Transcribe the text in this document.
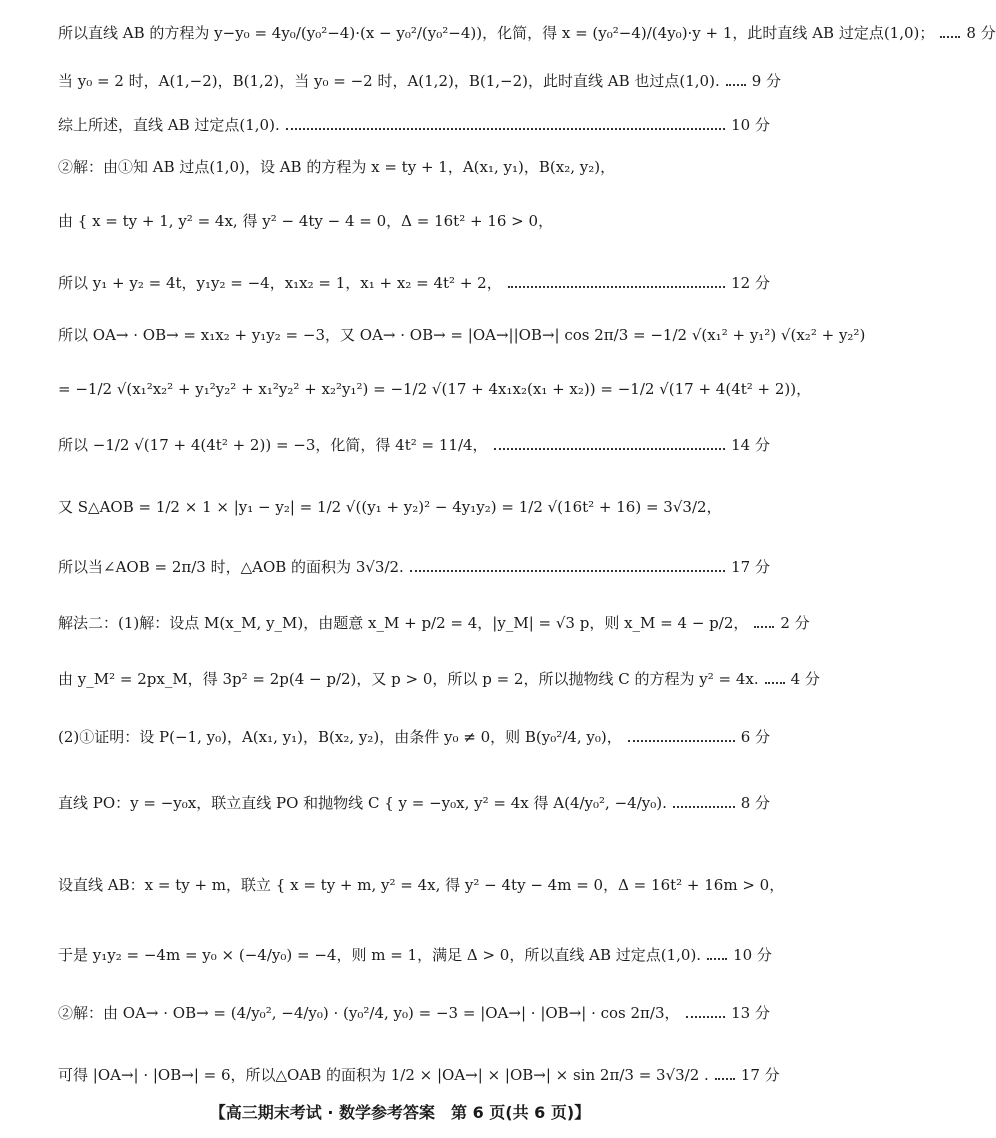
所以直线 AB 的方程为 y−y₀ = 4y₀/(y₀²−4)·(x − y₀²/(y₀²−4))，化简，得 x = (y₀²−4)/(4y₀)·y + 1，此时直线 AB 过定点(1,0)； 8 分
当 y₀ = 2 时，A(1,−2)，B(1,2)，当 y₀ = −2 时，A(1,2)，B(1,−2)，此时直线 AB 也过点(1,0). 9 分
综上所述，直线 AB 过定点(1,0).	10 分
②解：由①知 AB 过点(1,0)，设 AB 的方程为 x = ty + 1，A(x₁, y₁)，B(x₂, y₂)，
由 { x = ty + 1, y² = 4x, 得 y² − 4ty − 4 = 0，Δ = 16t² + 16 > 0，
所以 y₁ + y₂ = 4t，y₁y₂ = −4，x₁x₂ = 1，x₁ + x₂ = 4t² + 2，	12 分
所以 OA→ · OB→ = x₁x₂ + y₁y₂ = −3，又 OA→ · OB→ = |OA→||OB→| cos 2π/3 = −1/2 √(x₁² + y₁²) √(x₂² + y₂²)
= −1/2 √(x₁²x₂² + y₁²y₂² + x₁²y₂² + x₂²y₁²) = −1/2 √(17 + 4x₁x₂(x₁ + x₂)) = −1/2 √(17 + 4(4t² + 2))，
所以 −1/2 √(17 + 4(4t² + 2)) = −3，化简，得 4t² = 11/4，	14 分
又 S△AOB = 1/2 × 1 × |y₁ − y₂| = 1/2 √((y₁ + y₂)² − 4y₁y₂) = 1/2 √(16t² + 16) = 3√3/2，
所以当∠AOB = 2π/3 时，△AOB 的面积为 3√3/2.	17 分
解法二：(1)解：设点 M(x_M, y_M)，由题意 x_M + p/2 = 4，|y_M| = √3 p，则 x_M = 4 − p/2， 2 分
由 y_M² = 2px_M，得 3p² = 2p(4 − p/2)，又 p > 0，所以 p = 2，所以抛物线 C 的方程为 y² = 4x. 4 分
(2)①证明：设 P(−1, y₀)，A(x₁, y₁)，B(x₂, y₂)，由条件 y₀ ≠ 0，则 B(y₀²/4, y₀)，	6 分
直线 PO：y = −y₀x，联立直线 PO 和抛物线 C { y = −y₀x, y² = 4x 得 A(4/y₀², −4/y₀).	8 分
设直线 AB：x = ty + m，联立 { x = ty + m, y² = 4x, 得 y² − 4ty − 4m = 0，Δ = 16t² + 16m > 0，
于是 y₁y₂ = −4m = y₀ × (−4/y₀) = −4，则 m = 1，满足 Δ > 0，所以直线 AB 过定点(1,0). 10 分
②解：由 OA→ · OB→ = (4/y₀², −4/y₀) · (y₀²/4, y₀) = −3 = |OA→| · |OB→| · cos 2π/3，	13 分
可得 |OA→| · |OB→| = 6，所以△OAB 的面积为 1/2 × |OA→| × |OB→| × sin 2π/3 = 3√3/2 . 17 分
【高三期末考试 · 数学参考答案　第 6 页(共 6 页)】
